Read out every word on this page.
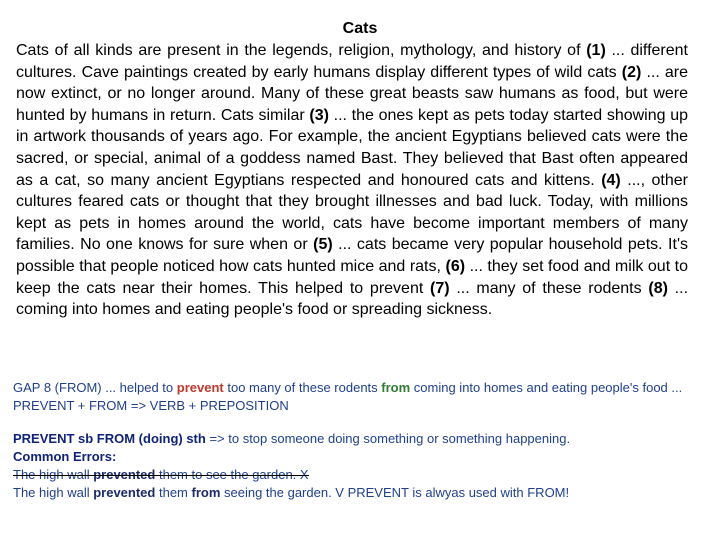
Cats

Cats of all kinds are present in the legends, religion, mythology, and history of (1) ... different cultures. Cave paintings created by early humans display different types of wild cats (2) ... are now extinct, or no longer around. Many of these great beasts saw humans as food, but were hunted by humans in return. Cats similar (3) ... the ones kept as pets today started showing up in artwork thousands of years ago. For example, the ancient Egyptians believed cats were the sacred, or special, animal of a goddess named Bast. They believed that Bast often appeared as a cat, so many ancient Egyptians respected and honoured cats and kittens. (4) ..., other cultures feared cats or thought that they brought illnesses and bad luck. Today, with millions kept as pets in homes around the world, cats have become important members of many families. No one knows for sure when or (5) ... cats became very popular household pets. It's possible that people noticed how cats hunted mice and rats, (6) ... they set food and milk out to keep the cats near their homes. This helped to prevent (7) ... many of these rodents (8) ... coming into homes and eating people's food or spreading sickness.

GAP 8 (FROM) ... helped to prevent too many of these rodents from coming into homes and eating people's food ... PREVENT + FROM => VERB + PREPOSITION
PREVENT sb FROM (doing) sth => to stop someone doing something or something happening.
Common Errors:
The high wall prevented them to see the garden. X
The high wall prevented them from seeing the garden. V PREVENT is alwyas used with FROM!
